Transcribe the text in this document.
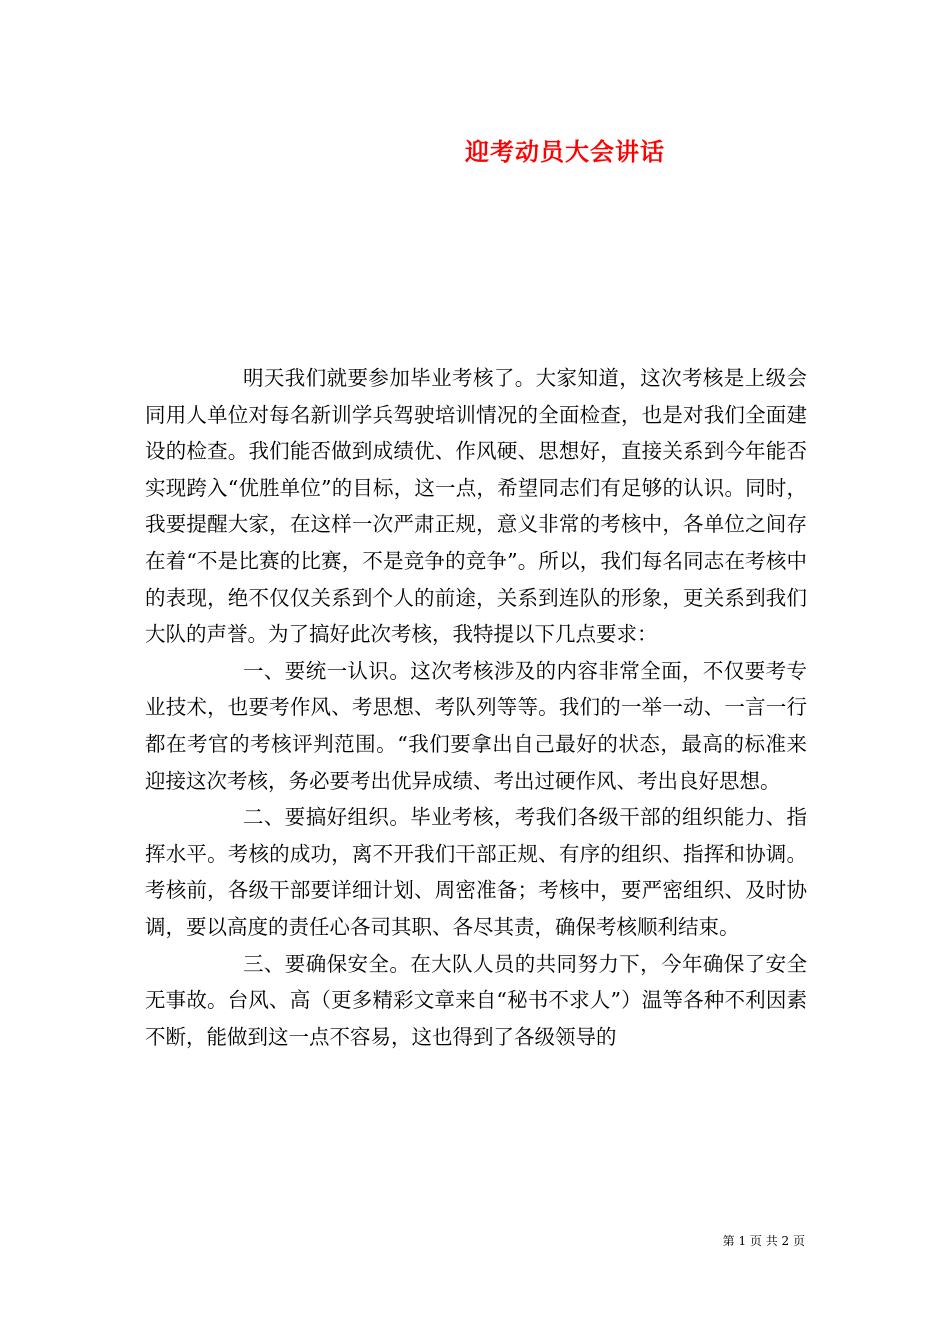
迎考动员大会讲话

明天我们就要参加毕业考核了。大家知道，这次考核是上级会同用人单位对每名新训学兵驾驶培训情况的全面检查，也是对我们全面建设的检查。我们能否做到成绩优、作风硬、思想好，直接关系到今年能否实现跨入“优胜单位”的目标，这一点，希望同志们有足够的认识。同时，我要提醒大家，在这样一次严肃正规，意义非常的考核中，各单位之间存在着“不是比赛的比赛，不是竞争的竞争”。所以，我们每名同志在考核中的表现，绝不仅仅关系到个人的前途，关系到连队的形象，更关系到我们大队的声誉。为了搞好此次考核，我特提以下几点要求：

一、要统一认识。这次考核涉及的内容非常全面，不仅要考专业技术，也要考作风、考思想、考队列等等。我们的一举一动、一言一行都在考官的考核评判范围。“我们要拿出自己最好的状态，最高的标准来迎接这次考核，务必要考出优异成绩、考出过硬作风、考出良好思想。

二、要搞好组织。毕业考核，考我们各级干部的组织能力、指挥水平。考核的成功，离不开我们干部正规、有序的组织、指挥和协调。考核前，各级干部要详细计划、周密准备；考核中，要严密组织、及时协调，要以高度的责任心各司其职、各尽其责，确保考核顺利结束。

三、要确保安全。在大队人员的共同努力下，今年确保了安全无事故。台风、高（更多精彩文章来自“秘书不求人”）温等各种不利因素不断，能做到这一点不容易，这也得到了各级领导的

第 1 页 共 2 页
